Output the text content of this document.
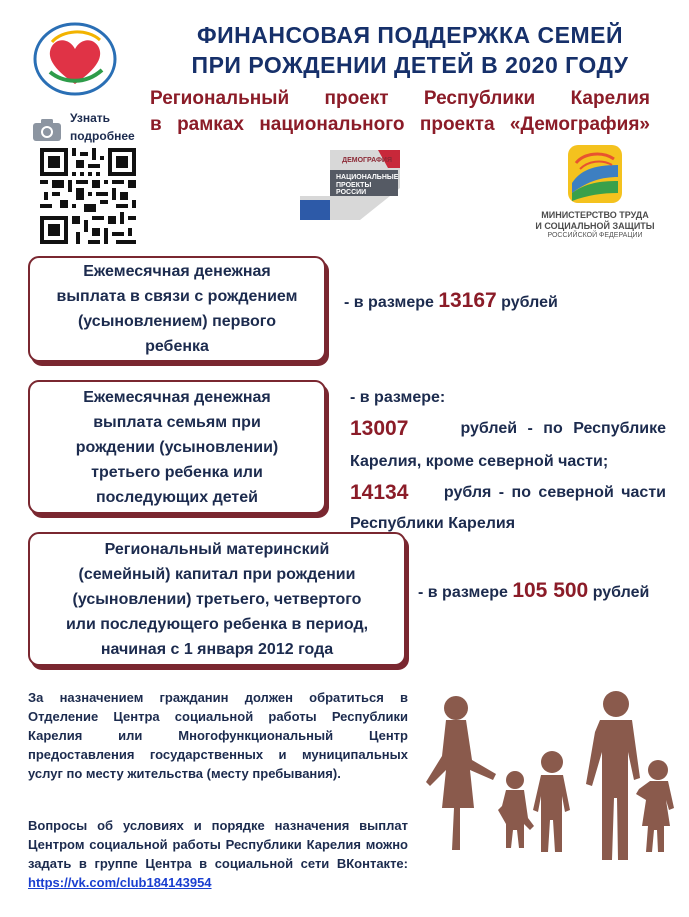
ФИНАНСОВАЯ ПОДДЕРЖКА СЕМЕЙ
ПРИ РОЖДЕНИИ ДЕТЕЙ В 2020 ГОДУ
Региональный проект Республики Карелия
в рамках национального проекта «Демография»
Узнать
подробнее
ДЕМОГРАФИЯ
НАЦИОНАЛЬНЫЕ
ПРОЕКТЫ
РОССИИ
МИНИСТЕРСТВО ТРУДА
И СОЦИАЛЬНОЙ ЗАЩИТЫ
РОССИЙСКОЙ ФЕДЕРАЦИИ
Ежемесячная денежная
выплата в связи с рождением
(усыновлением) первого
ребенка
- в размере 13167 рублей
Ежемесячная денежная
выплата семьям при
рождении (усыновлении)
третьего ребенка или
последующих детей
- в размере:
13007	рублей - по Республике
Карелия, кроме северной части;
14134 рубля - по северной части
Республики Карелия
Региональный материнский
(семейный) капитал при рождении
(усыновлении) третьего, четвертого
или последующего ребенка в период,
начиная с 1 января 2012 года
- в размере 105 500 рублей
За назначением гражданин должен обратиться в Отделение Центра социальной работы Республики Карелия или Многофункциональный Центр предоставления государственных и муниципальных услуг по месту жительства (месту пребывания).
Вопросы об условиях и порядке назначения выплат Центром социальной работы Республики Карелия можно задать в группе Центра в социальной сети ВКонтакте: https://vk.com/club184143954
